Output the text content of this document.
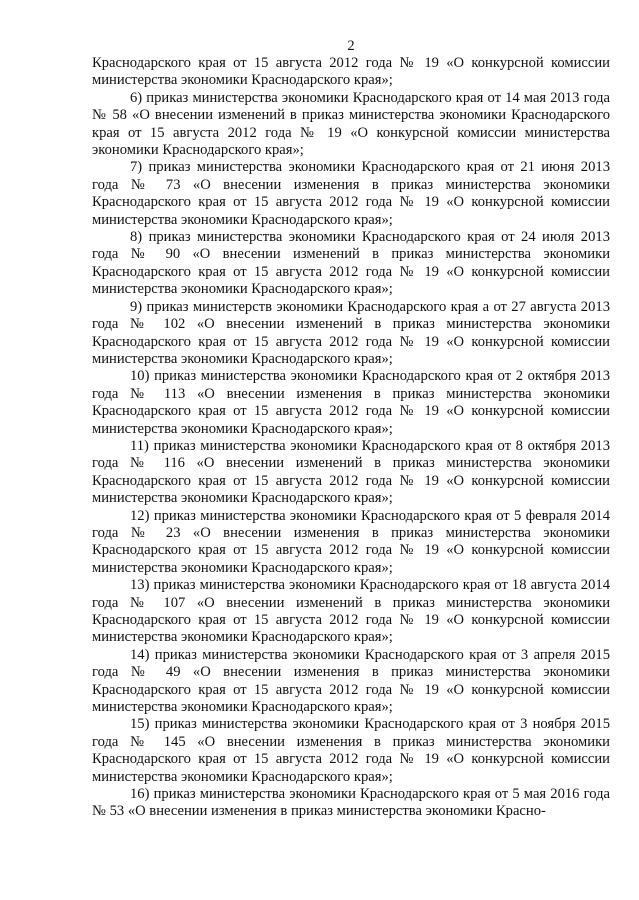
2

Краснодарского края от 15 августа 2012 года № 19 «О конкурсной комиссии министерства экономики Краснодарского края»;

6) приказ министерства экономики Краснодарского края от 14 мая 2013 года № 58 «О внесении изменений в приказ министерства экономики Краснодарского края от 15 августа 2012 года № 19 «О конкурсной комиссии министерства экономики Краснодарского края»;

7) приказ министерства экономики Краснодарского края от 21 июня 2013 года № 73 «О внесении изменения в приказ министерства экономики Краснодарского края от 15 августа 2012 года № 19 «О конкурсной комиссии министерства экономики Краснодарского края»;

8) приказ министерства экономики Краснодарского края от 24 июля 2013 года № 90 «О внесении изменений в приказ министерства экономики Краснодарского края от 15 августа 2012 года № 19 «О конкурсной комиссии министерства экономики Краснодарского края»;

9) приказ министерств экономики Краснодарского края а от 27 августа 2013 года № 102 «О внесении изменений в приказ министерства экономики Краснодарского края от 15 августа 2012 года № 19 «О конкурсной комиссии министерства экономики Краснодарского края»;

10) приказ министерства экономики Краснодарского края от 2 октября 2013 года № 113 «О внесении изменения в приказ министерства экономики Краснодарского края от 15 августа 2012 года № 19 «О конкурсной комиссии министерства экономики Краснодарского края»;

11) приказ министерства экономики Краснодарского края от 8 октября 2013 года № 116 «О внесении изменений в приказ министерства экономики Краснодарского края от 15 августа 2012 года № 19 «О конкурсной комиссии министерства экономики Краснодарского края»;

12) приказ министерства экономики Краснодарского края от 5 февраля 2014 года № 23 «О внесении изменения в приказ министерства экономики Краснодарского края от 15 августа 2012 года № 19 «О конкурсной комиссии министерства экономики Краснодарского края»;

13) приказ министерства экономики Краснодарского края от 18 августа 2014 года № 107 «О внесении изменений в приказ министерства экономики Краснодарского края от 15 августа 2012 года № 19 «О конкурсной комиссии министерства экономики Краснодарского края»;

14) приказ министерства экономики Краснодарского края от 3 апреля 2015 года № 49 «О внесении изменения в приказ министерства экономики Краснодарского края от 15 августа 2012 года № 19 «О конкурсной комиссии министерства экономики Краснодарского края»;

15) приказ министерства экономики Краснодарского края от 3 ноября 2015 года № 145 «О внесении изменения в приказ министерства экономики Краснодарского края от 15 августа 2012 года № 19 «О конкурсной комиссии министерства экономики Краснодарского края»;

16) приказ министерства экономики Краснодарского края от 5 мая 2016 года № 53 «О внесении изменения в приказ министерства экономики Красно-
